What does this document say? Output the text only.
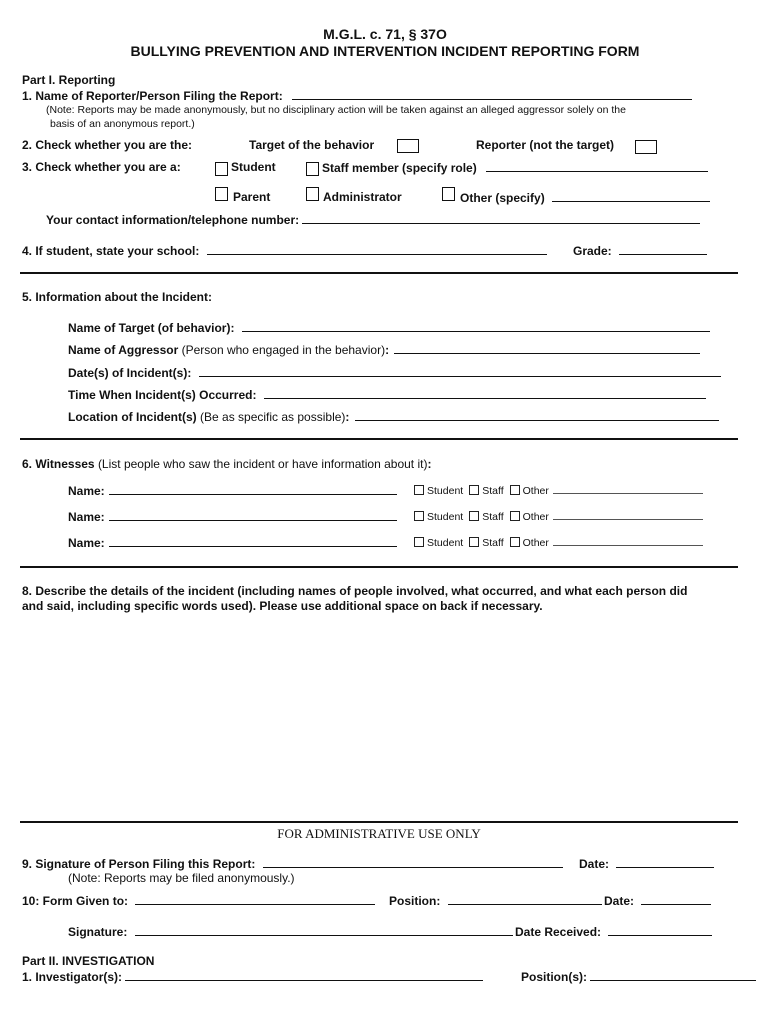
M.G.L. c. 71, § 37O
BULLYING PREVENTION AND INTERVENTION INCIDENT REPORTING FORM
Part I. Reporting
1. Name of Reporter/Person Filing the Report:
(Note: Reports may be made anonymously, but no disciplinary action will be taken against an alleged aggressor solely on the
basis of an anonymous report.)
2. Check whether you are the:	Target of the behavior	Reporter (not the target)
3. Check whether you are a:	Student	Staff member (specify role)
Parent	Administrator	Other (specify)
Your contact information/telephone number:
4. If student, state your school:	Grade:
5. Information about the Incident:
Name of Target (of behavior):
Name of Aggressor (Person who engaged in the behavior):
Date(s) of Incident(s):
Time When Incident(s) Occurred:
Location of Incident(s) (Be as specific as possible):
6. Witnesses (List people who saw the incident or have information about it):
Name:	Student Staff Other
Name:	Student Staff Other
Name:	Student Staff Other
8. Describe the details of the incident (including names of people involved, what occurred, and what each person did
and said, including specific words used). Please use additional space on back if necessary.
FOR ADMINISTRATIVE USE ONLY
9. Signature of Person Filing this Report:	Date:
(Note: Reports may be filed anonymously.)
10: Form Given to:	Position:	Date:
Signature:	Date Received:
Part II. INVESTIGATION
1. Investigator(s):	Position(s):
